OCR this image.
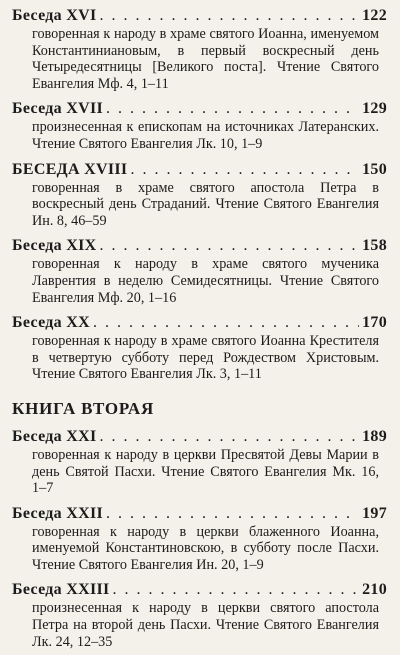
Беседа XVI . . .	122
говоренная к народу в храме святого Иоанна, именуемом Константиниановым, в первый воскресный день Четыредесятницы [Великого поста]. Чтение Святого Евангелия Мф. 4, 1–11
Беседа XVII . . .	129
произнесенная к епископам на источниках Латеранских. Чтение Святого Евангелия Лк. 10, 1–9
БЕСЕДА XVIII . . .	150
говоренная в храме святого апостола Петра в воскресный день Страданий. Чтение Святого Евангелия Ин. 8, 46–59
Беседа XIX . . .	158
говоренная к народу в храме святого мученика Лаврентия в неделю Семидесятницы. Чтение Святого Евангелия Мф. 20, 1–16
Беседа XX . . .	170
говоренная к народу в храме святого Иоанна Крестителя в четвертую субботу перед Рождеством Христовым. Чтение Святого Евангелия Лк. 3, 1–11
КНИГА ВТОРАЯ
Беседа XXI . . .	189
говоренная к народу в церкви Пресвятой Девы Марии в день Святой Пасхи. Чтение Святого Евангелия Мк. 16, 1–7
Беседа XXII . . .	197
говоренная к народу в церкви блаженного Иоанна, именуемой Константиновскою, в субботу после Пасхи. Чтение Святого Евангелия Ин. 20, 1–9
Беседа XXIII . . .	210
произнесенная к народу в церкви святого апостола Петра на второй день Пасхи. Чтение Святого Евангелия Лк. 24, 12–35
